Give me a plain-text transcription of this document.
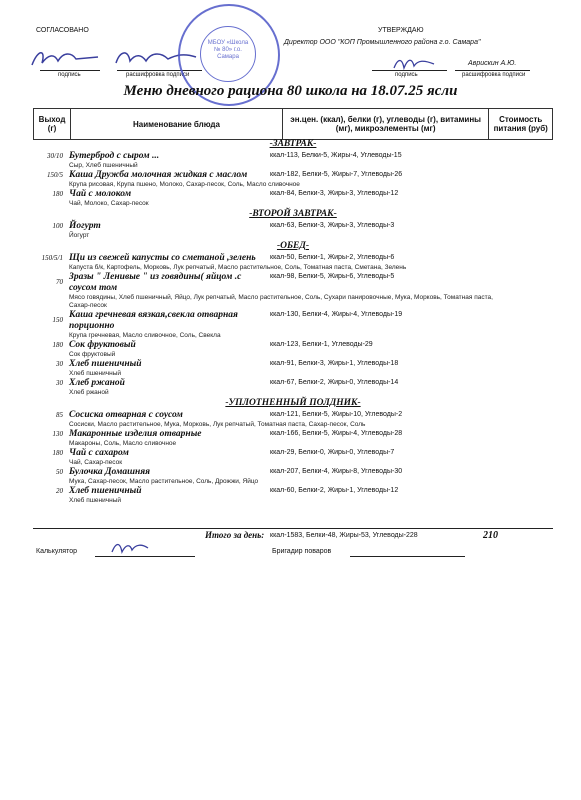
СОГЛАСОВАНО	УТВЕРЖДАЮ
Директор ООО "КОП Промышленного района г.о. Самара"
подпись	расшифровка подписи
Аврискин А.Ю.
подпись	расшифровка подписи
МБОУ «Школа № 80» г.о. Самара
Меню дневного рациона 80 школа на 18.07.25 ясли
Выход (г)	Наименование блюда	эн.цен. (ккал), белки (г), углеводы (г), витамины (мг), микроэлементы (мг)	Стоимость питания (руб)
-ЗАВТРАК-
30/10 Бутерброд с сыром ...	ккал-113, Белки-5, Жиры-4, Углеводы-15
Сыр, Хлеб пшеничный
150/5 Каша Дружба молочная жидкая с маслом	ккал-182, Белки-5, Жиры-7, Углеводы-26
Крупа рисовая, Крупа пшено, Молоко, Сахар-песок, Соль, Масло сливочное
180 Чай с молоком	ккал-84, Белки-3, Жиры-3, Углеводы-12
Чай, Молоко, Сахар-песок
-ВТОРОЙ ЗАВТРАК-
100 Йогурт	ккал-63, Белки-3, Жиры-3, Углеводы-3
Йогурт
-ОБЕД-
150/5/1 Щи из свежей капусты со сметаной ,зелень	ккал-50, Белки-1, Жиры-2, Углеводы-6
Капуста б/к, Картофель, Морковь, Лук репчатый, Масло растительное, Соль, Томатная паста, Сметана, Зелень
70 Зразы " Ленивые " из говядины( яйцом .с соусом том
ккал-98, Белки-5, Жиры-6, Углеводы-5
Мясо говядины, Хлеб пшеничный, Яйцо, Лук репчатый, Масло растительное, Соль, Сухари панировочные, Мука, Морковь, Томатная паста, Сахар-песок
150 Каша гречневая вязкая,свекла отварная порционно
ккал-130, Белки-4, Жиры-4, Углеводы-19
Крупа гречневая, Масло сливочное, Соль, Свекла
180 Сок фруктовый	ккал-123, Белки-1, Углеводы-29
Сок фруктовый
30 Хлеб пшеничный	ккал-91, Белки-3, Жиры-1, Углеводы-18
Хлеб пшеничный
30 Хлеб ржаной	ккал-67, Белки-2, Жиры-0, Углеводы-14
Хлеб ржаной
-УПЛОТНЕННЫЙ ПОЛДНИК-
85 Сосиска отварная с соусом	ккал-121, Белки-5, Жиры-10, Углеводы-2
Сосиски, Масло растительное, Мука, Морковь, Лук репчатый, Томатная паста, Сахар-песок, Соль
130 Макаронные изделия отварные	ккал-166, Белки-5, Жиры-4, Углеводы-28
Макароны, Соль, Масло сливочное
180 Чай с сахаром	ккал-29, Белки-0, Жиры-0, Углеводы-7
Чай, Сахар-песок
50 Булочка Домашняя	ккал-207, Белки-4, Жиры-8, Углеводы-30
Мука, Сахар-песок, Масло растительное, Соль, Дрожжи, Яйцо
20 Хлеб пшеничный	ккал-60, Белки-2, Жиры-1, Углеводы-12
Хлеб пшеничный
Итого за день: ккал-1583, Белки-48, Жиры-53, Углеводы-228	210
Калькулятор	Бригадир поваров
